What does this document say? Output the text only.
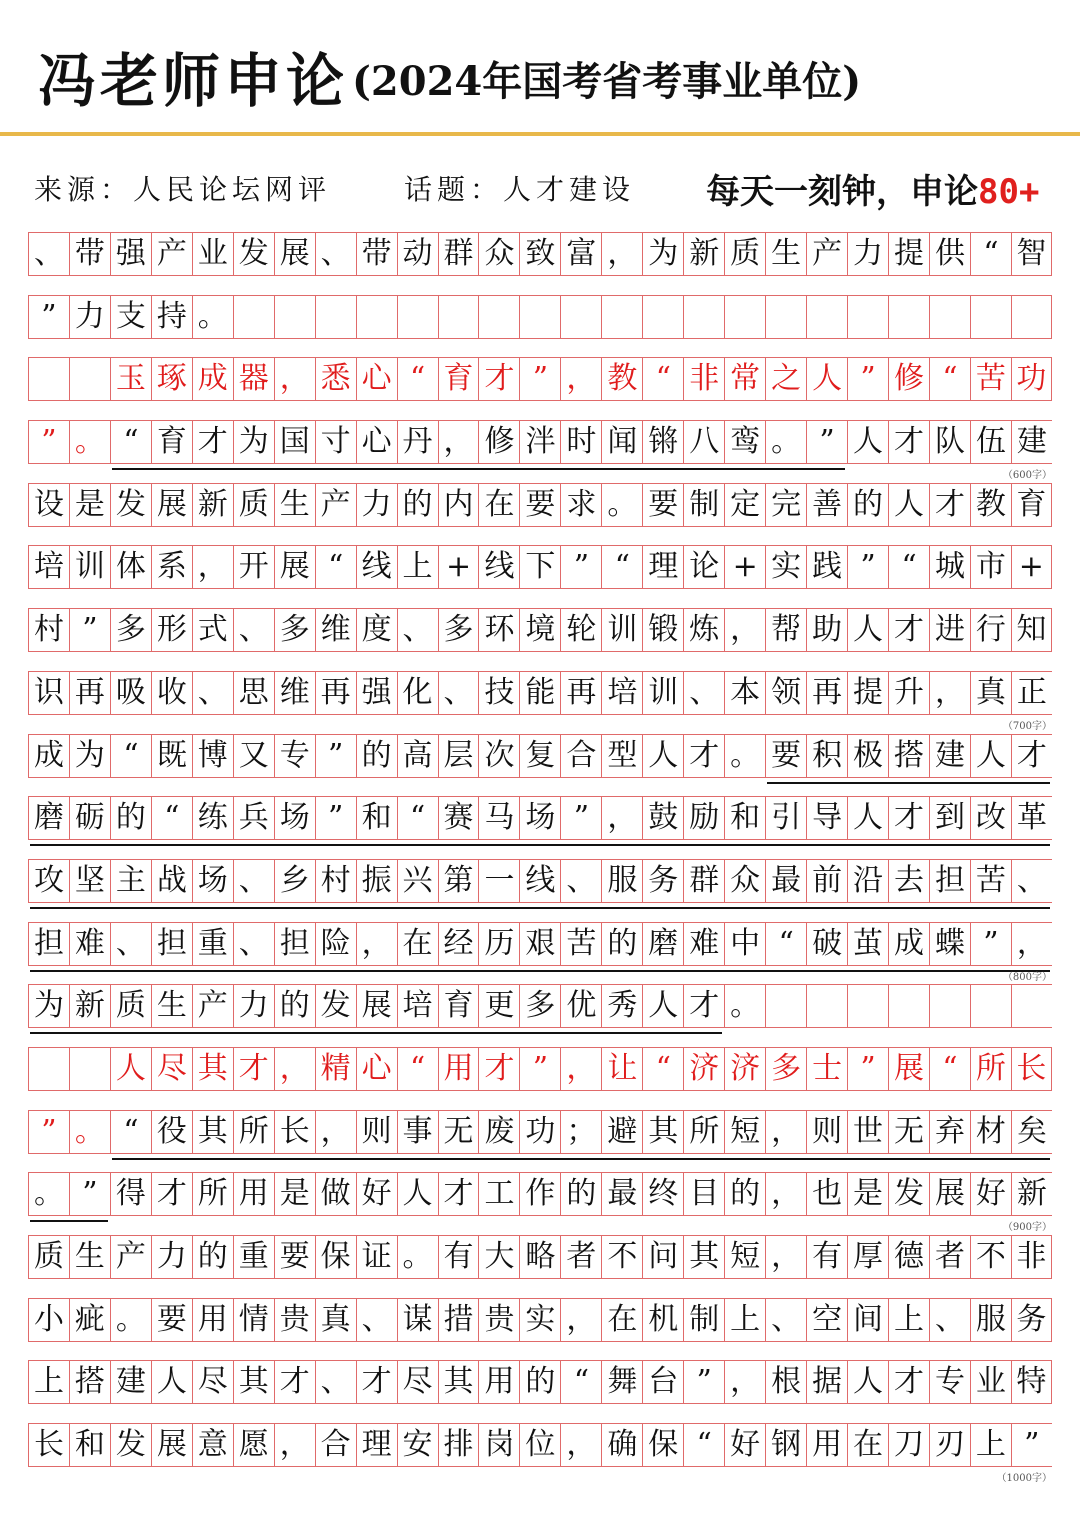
冯老师申论 (2024年国考省考事业单位)
来源：人民论坛网评	话题：人才建设 每天一刻钟，申论80+
、 带 强 产 业 发 展 、 带 动 群 众 致 富 ， 为 新 质 生 产 力 提 供 “ 智
” 力 支 持 。
玉 琢 成 器 ， 悉 心 “ 育 才 ” ， 教 “ 非 常 之 人 ” 修 “ 苦 功
” 。 “ 育 才 为 国 寸 心 丹 ， 修 泮 时 闻 锵 八 鸾 。 ” 人 才 队 伍 建
（600字）
设 是 发 展 新 质 生 产 力 的 内 在 要 求 。 要 制 定 完 善 的 人 才 教 育
培 训 体 系 ， 开 展 “ 线 上 + 线 下 ” “ 理 论 + 实 践 ” “ 城 市 +
村 ” 多 形 式 、 多 维 度 、 多 环 境 轮 训 锻 炼 ， 帮 助 人 才 进 行 知
识 再 吸 收 、 思 维 再 强 化 、 技 能 再 培 训 、 本 领 再 提 升 ， 真 正
（700字）
成 为 “ 既 博 又 专 ” 的 高 层 次 复 合 型 人 才 。 要 积 极 搭 建 人 才
磨 砺 的 “ 练 兵 场 ” 和 “ 赛 马 场 ” ， 鼓 励 和 引 导 人 才 到 改 革
攻 坚 主 战 场 、 乡 村 振 兴 第 一 线 、 服 务 群 众 最 前 沿 去 担 苦 、
担 难 、 担 重 、 担 险 ， 在 经 历 艰 苦 的 磨 难 中 “ 破 茧 成 蝶 ” ，
（800字）
为 新 质 生 产 力 的 发 展 培 育 更 多 优 秀 人 才 。
人 尽 其 才 ， 精 心 “ 用 才 ” ， 让 “ 济 济 多 士 ” 展 “ 所 长
” 。 “ 役 其 所 长 ， 则 事 无 废 功 ； 避 其 所 短 ， 则 世 无 弃 材 矣
。 ” 得 才 所 用 是 做 好 人 才 工 作 的 最 终 目 的 ， 也 是 发 展 好 新
（900字）
质 生 产 力 的 重 要 保 证 。 有 大 略 者 不 问 其 短 ， 有 厚 德 者 不 非
小 疵 。 要 用 情 贵 真 、 谋 措 贵 实 ， 在 机 制 上 、 空 间 上 、 服 务
上 搭 建 人 尽 其 才 、 才 尽 其 用 的 “ 舞 台 ” ， 根 据 人 才 专 业 特
长 和 发 展 意 愿 ， 合 理 安 排 岗 位 ， 确 保 “ 好 钢 用 在 刀 刃 上 ”
（1000字）
